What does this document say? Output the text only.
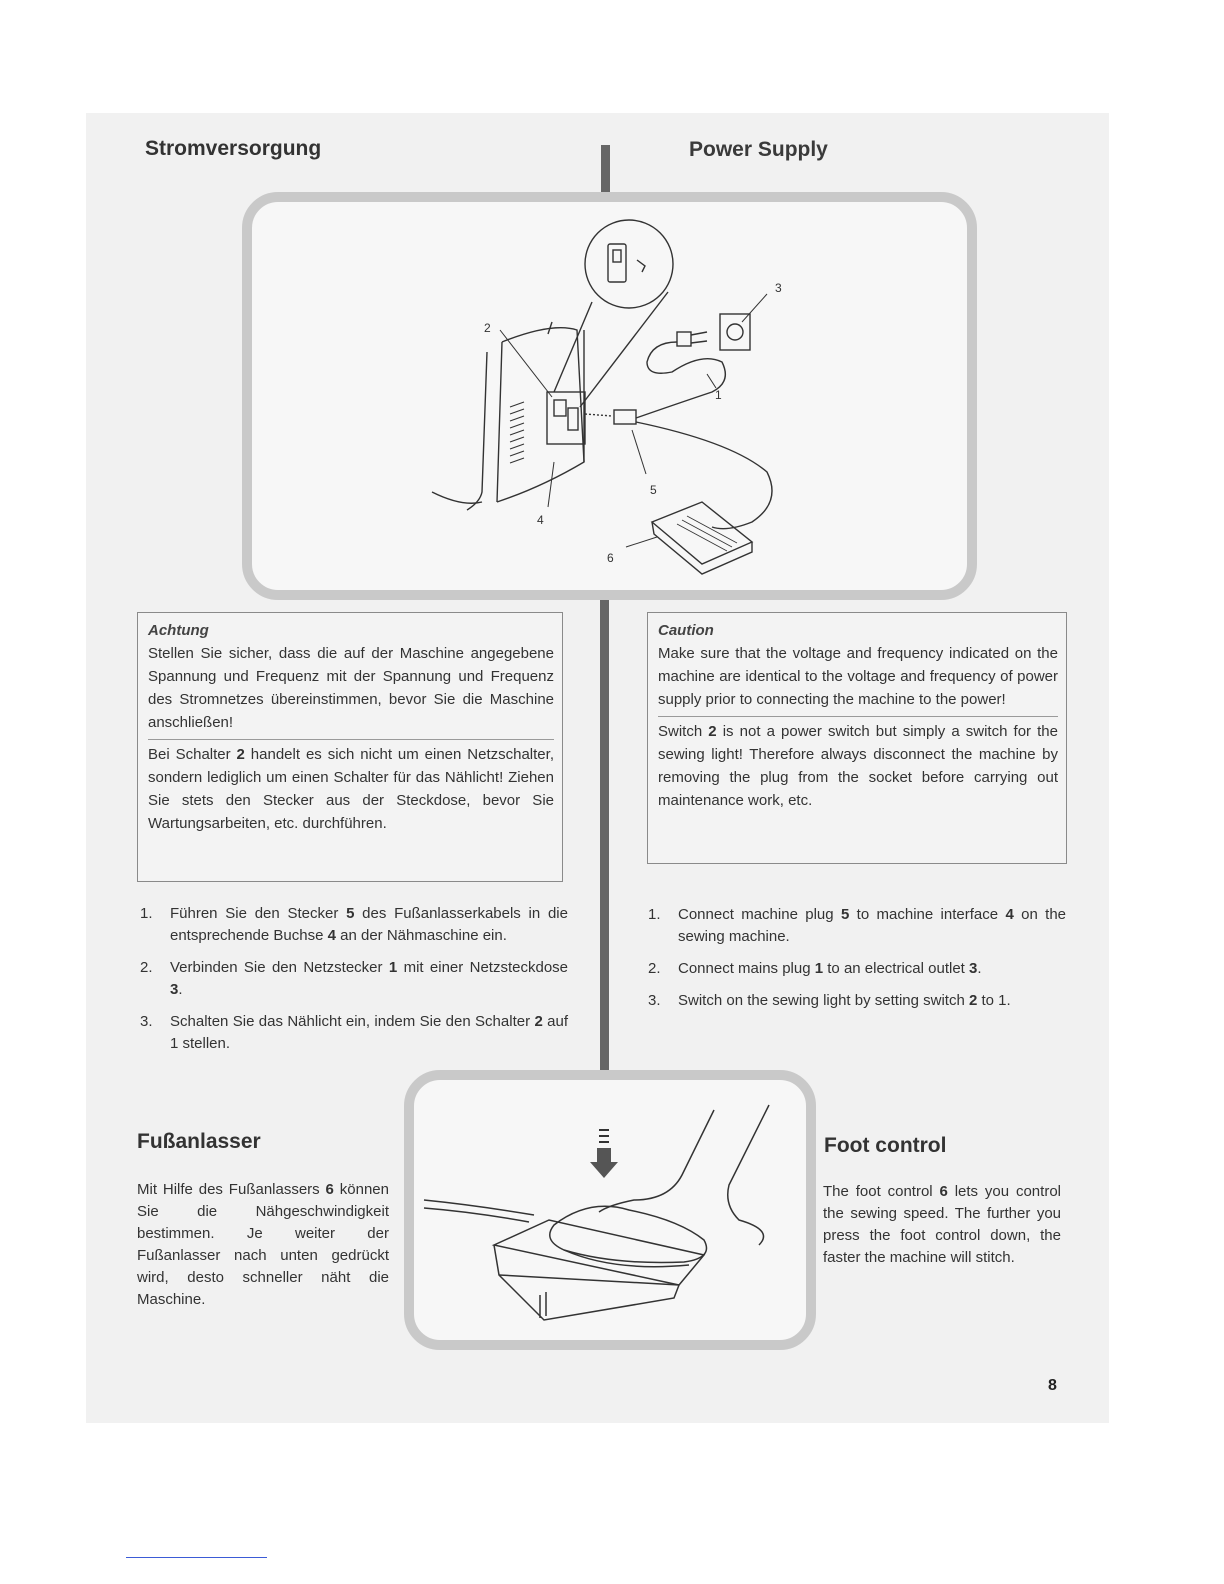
Stromversorgung	Power Supply
1
2
3
4
5
6
Achtung

Stellen Sie sicher, dass die auf der Maschine angegebene Spannung und Frequenz mit der Spannung und Frequenz des Stromnetzes übereinstimmen, bevor Sie die Maschine anschließen!

Bei Schalter 2 handelt es sich nicht um einen Netzschalter, sondern lediglich um einen Schalter für das Nählicht! Ziehen Sie stets den Stecker aus der Steckdose, bevor Sie Wartungsarbeiten, etc. durchführen.

Caution

Make sure that the voltage and frequency indicated on the machine are identical to the voltage and frequency of power supply prior to connecting the machine to the power!

Switch 2 is not a power switch but simply a switch for the sewing light! Therefore always disconnect the machine by removing the plug from the socket before carrying out maintenance work, etc.

1. Führen Sie den Stecker 5 des Fußanlasserkabels in die entsprechende Buchse 4 an der Nähmaschine ein.
2. Verbinden Sie den Netzstecker 1 mit einer Netzsteckdose 3.
3. Schalten Sie das Nählicht ein, indem Sie den Schalter 2 auf 1 stellen.
1. Connect machine plug 5 to machine interface 4 on the sewing machine.
2. Connect mains plug 1 to an electrical outlet 3.
3. Switch on the sewing light by setting switch 2 to 1.
Fußanlasser

Mit Hilfe des Fußanlassers 6 können Sie die Nähgeschwindigkeit bestimmen. Je weiter der Fußanlasser nach unten gedrückt wird, desto schneller näht die Maschine.

Foot control

The foot control 6 lets you control the sewing speed. The further you press the foot control down, the faster the machine will stitch.

8
